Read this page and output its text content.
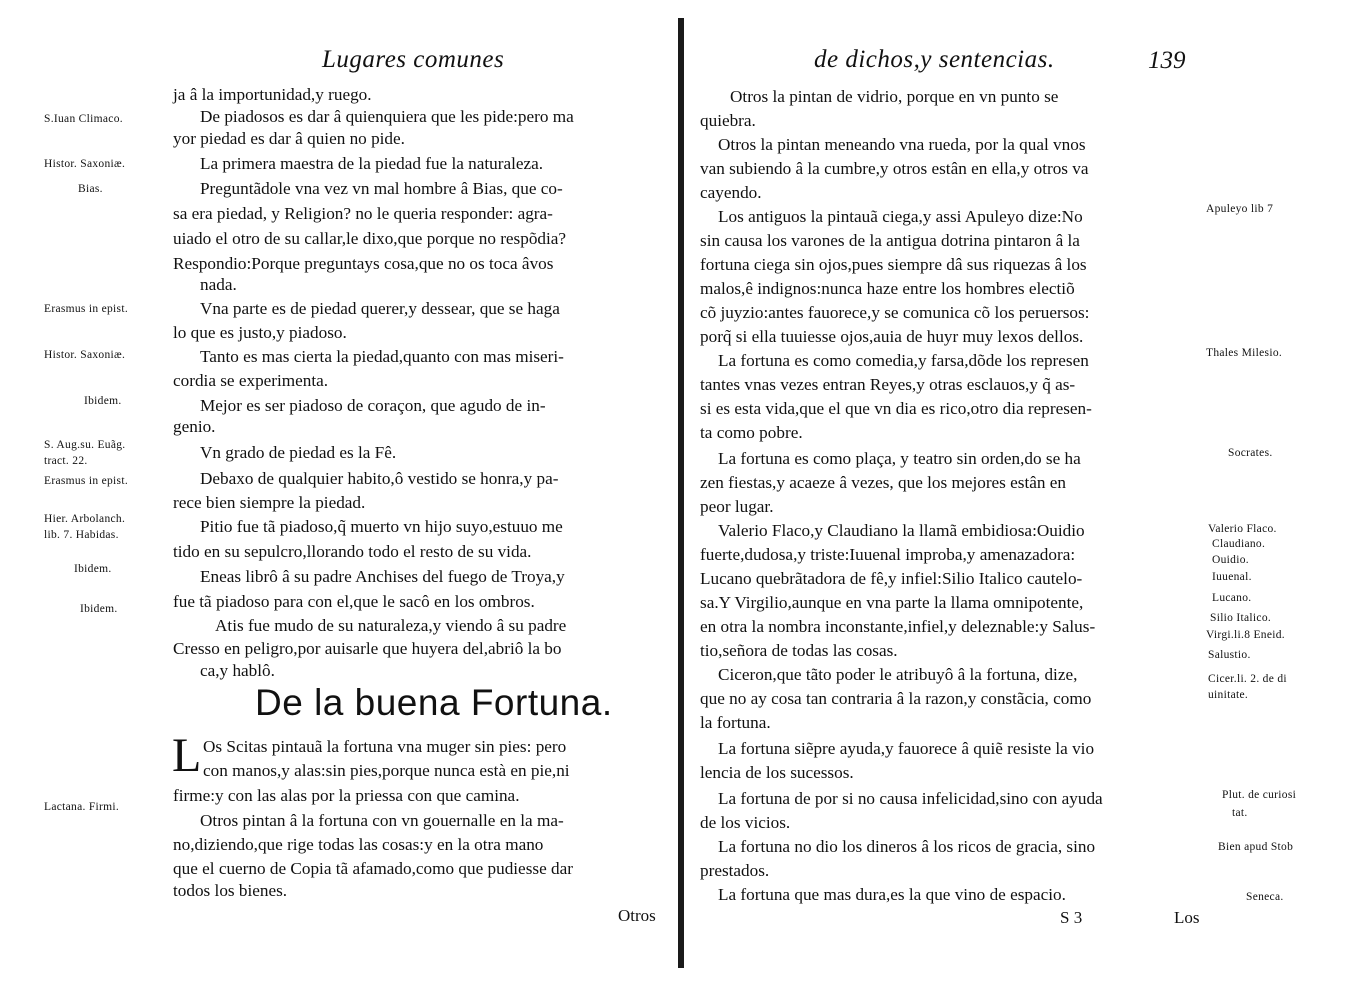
Lugares comunes
ja â la importunidad,y ruego.
De piadosos es dar â quienquiera que les pide:pero ma
yor piedad es dar â quien no pide.
La primera maestra de la piedad fue la naturaleza.
Preguntãdole vna vez vn mal hombre â Bias, que co-
sa era piedad, y Religion? no le queria responder: agra-
uiado el otro de su callar,le dixo,que porque no respõdia?
Respondio:Porque preguntays cosa,que no os toca âvos
nada.
Vna parte es de piedad querer,y dessear, que se haga
lo que es justo,y piadoso.
Tanto es mas cierta la piedad,quanto con mas miseri-
cordia se experimenta.
Mejor es ser piadoso de coraçon, que agudo de in-
genio.
Vn grado de piedad es la Fê.
Debaxo de qualquier habito,ô vestido se honra,y pa-
rece bien siempre la piedad.
Pitio fue tã piadoso,q̃ muerto vn hijo suyo,estuuo me
tido en su sepulcro,llorando todo el resto de su vida.
Eneas librô â su padre Anchises del fuego de Troya,y
fue tã piadoso para con el,que le sacô en los ombros.
Atis fue mudo de su naturaleza,y viendo â su padre
Cresso en peligro,por auisarle que huyera del,abriô la bo
ca,y hablô.
De la buena Fortuna.
L Os Scitas pintauã la fortuna vna muger sin pies: pero
con manos,y alas:sin pies,porque nunca està en pie,ni
firme:y con las alas por la priessa con que camina.
Otros pintan â la fortuna con vn gouernalle en la ma-
no,diziendo,que rige todas las cosas:y en la otra mano
que el cuerno de Copia tã afamado,como que pudiesse dar
todos los bienes.
Otros
S.Iuan Climaco.
Histor. Saxoniæ.
Bias.
Erasmus in epist.
Histor. Saxoniæ.
Ibidem.
S. Aug.su. Euãg.
tract. 22.
Erasmus in epist.
Hier. Arbolanch.
lib. 7. Habidas.
Ibidem.
Ibidem.
Lactana. Firmi.
de dichos,y sentencias.	139
Otros la pintan de vidrio, porque en vn punto se
quiebra.
Otros la pintan meneando vna rueda, por la qual vnos
van subiendo â la cumbre,y otros estân en ella,y otros va
cayendo.
Los antiguos la pintauã ciega,y assi Apuleyo dize:No
sin causa los varones de la antigua dotrina pintaron â la
fortuna ciega sin ojos,pues siempre dâ sus riquezas â los
malos,ê indignos:nunca haze entre los hombres electiõ
cõ juyzio:antes fauorece,y se comunica cõ los peruersos:
porq̃ si ella tuuiesse ojos,auia de huyr muy lexos dellos.
La fortuna es como comedia,y farsa,dõde los represen
tantes vnas vezes entran Reyes,y otras esclauos,y q̃ as-
si es esta vida,que el que vn dia es rico,otro dia represen-
ta como pobre.
La fortuna es como plaça, y teatro sin orden,do se ha
zen fiestas,y acaeze â vezes, que los mejores estân en
peor lugar.
Valerio Flaco,y Claudiano la llamã embidiosa:Ouidio
fuerte,dudosa,y triste:Iuuenal improba,y amenazadora:
Lucano quebrãtadora de fê,y infiel:Silio Italico cautelo-
sa.Y Virgilio,aunque en vna parte la llama omnipotente,
en otra la nombra inconstante,infiel,y deleznable:y Salus-
tio,señora de todas las cosas.
Ciceron,que tãto poder le atribuyô â la fortuna, dize,
que no ay cosa tan contraria â la razon,y constãcia, como
la fortuna.
La fortuna siẽpre ayuda,y fauorece â quiẽ resiste la vio
lencia de los sucessos.
La fortuna de por si no causa infelicidad,sino con ayuda
de los vicios.
La fortuna no dio los dineros â los ricos de gracia, sino
prestados.
La fortuna que mas dura,es la que vino de espacio.
S 3	Los
Apuleyo lib 7
Thales Milesio.
Socrates.
Valerio Flaco.
Claudiano.
Ouidio.
Iuuenal.
Lucano.
Silio Italico.
Virgi.li.8 Eneid.
Salustio.
Cicer.li. 2. de di
uinitate.
Plut. de curiosi
tat.
Bien apud Stob
Seneca.
